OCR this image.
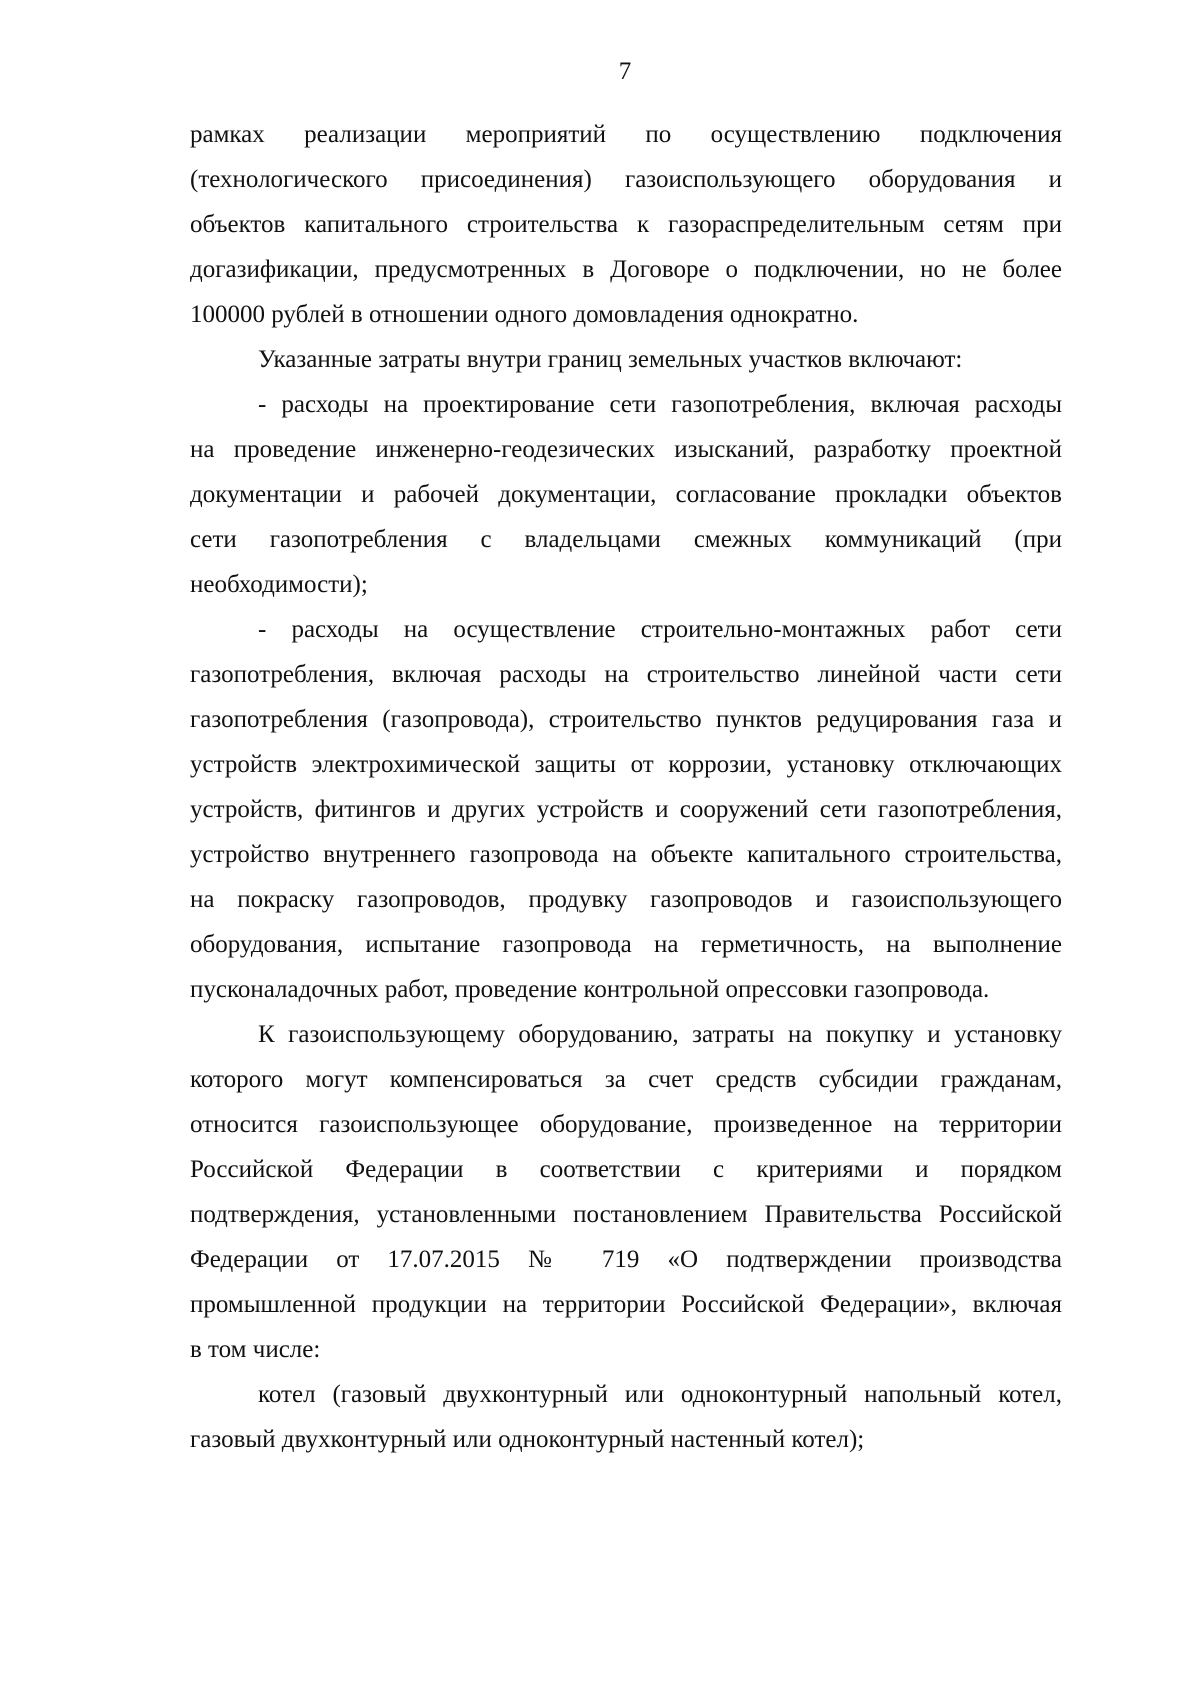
7
рамках реализации мероприятий по осуществлению подключения
(технологического присоединения) газоиспользующего оборудования и
объектов капитального строительства к газораспределительным сетям при
догазификации, предусмотренных в Договоре о подключении, но не более
100000 рублей в отношении одного домовладения однократно.
Указанные затраты внутри границ земельных участков включают:
- расходы на проектирование сети газопотребления, включая расходы
на проведение инженерно-геодезических изысканий, разработку проектной
документации и рабочей документации, согласование прокладки объектов
сети газопотребления с владельцами смежных коммуникаций (при
необходимости);
- расходы на осуществление строительно-монтажных работ сети
газопотребления, включая расходы на строительство линейной части сети
газопотребления (газопровода), строительство пунктов редуцирования газа и
устройств электрохимической защиты от коррозии, установку отключающих
устройств, фитингов и других устройств и сооружений сети газопотребления,
устройство внутреннего газопровода на объекте капитального строительства,
на покраску газопроводов, продувку газопроводов и газоиспользующего
оборудования, испытание газопровода на герметичность, на выполнение
пусконаладочных работ, проведение контрольной опрессовки газопровода.
К газоиспользующему оборудованию, затраты на покупку и установку
которого могут компенсироваться за счет средств субсидии гражданам,
относится газоиспользующее оборудование, произведенное на территории
Российской Федерации в соответствии с критериями и порядком
подтверждения, установленными постановлением Правительства Российской
Федерации от 17.07.2015 № 719 «О подтверждении производства
промышленной продукции на территории Российской Федерации», включая
в том числе:
котел (газовый двухконтурный или одноконтурный напольный котел,
газовый двухконтурный или одноконтурный настенный котел);
